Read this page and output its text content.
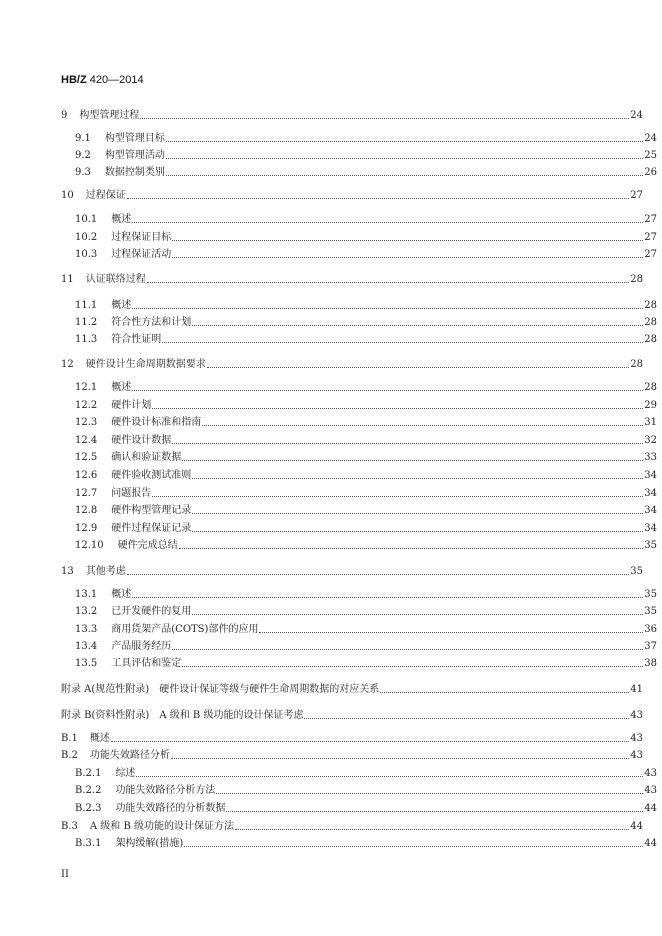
HB/Z 420—2014
9 构型管理过程	24
9.1 构型管理目标	24
9.2 构型管理活动	25
9.3 数据控制类别	26
10 过程保证	27
10.1 概述	27
10.2 过程保证目标	27
10.3 过程保证活动	27
11 认证联络过程	28
11.1 概述	28
11.2 符合性方法和计划	28
11.3 符合性证明	28
12 硬件设计生命周期数据要求	28
12.1 概述	28
12.2 硬件计划	29
12.3 硬件设计标准和指南	31
12.4 硬件设计数据	32
12.5 确认和验证数据	33
12.6 硬件验收测试准则	34
12.7 问题报告	34
12.8 硬件构型管理记录	34
12.9 硬件过程保证记录	34
12.10 硬件完成总结	35
13 其他考虑	35
13.1 概述	35
13.2 已开发硬件的复用	35
13.3 商用货架产品(COTS)部件的应用	36
13.4 产品服务经历	37
13.5 工具评估和鉴定	38
附录 A(规范性附录) 硬件设计保证等级与硬件生命周期数据的对应关系	41
附录 B(资料性附录) A 级和 B 级功能的设计保证考虑	43
B.1 概述	43
B.2 功能失效路径分析	43
B.2.1 综述	43
B.2.2 功能失效路径分析方法	43
B.2.3 功能失效路径的分析数据	44
B.3 A 级和 B 级功能的设计保证方法	44
B.3.1 架构缓解(措施)	44
II
